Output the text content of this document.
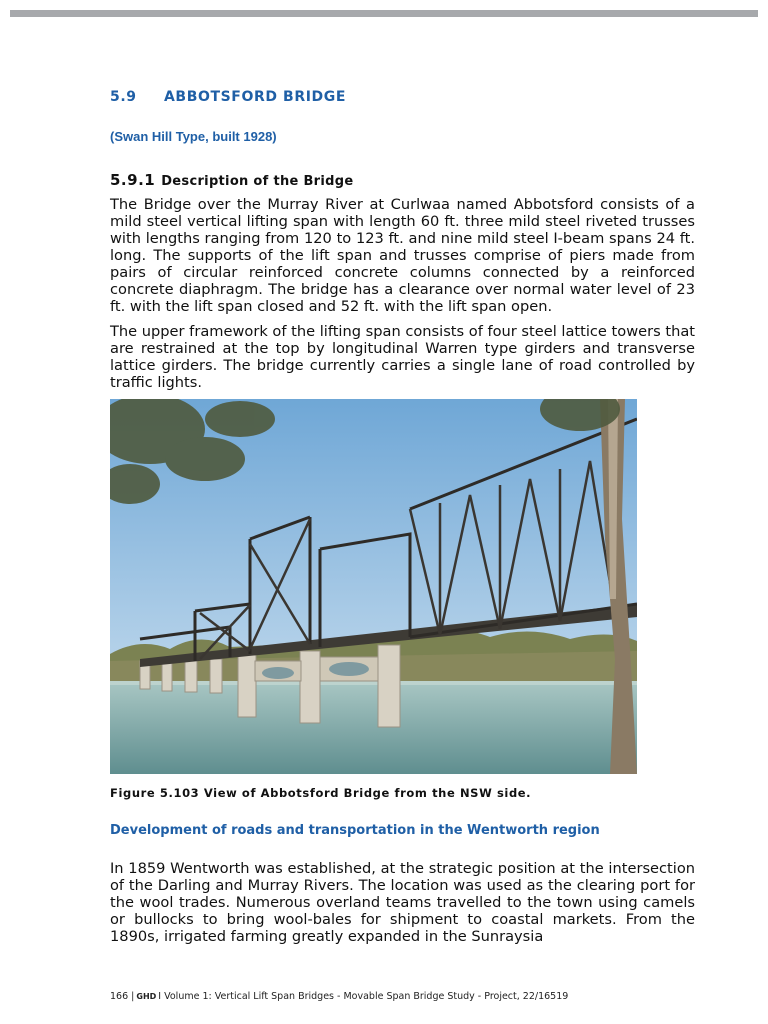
5.9 ABBOTSFORD BRIDGE
(Swan Hill Type, built 1928)
5.9.1 Description of the Bridge

The Bridge over the Murray River at Curlwaa named Abbotsford consists of a mild steel vertical lifting span with length 60 ft. three mild steel riveted trusses with lengths ranging from 120 to 123 ft. and nine mild steel I-beam spans 24 ft. long. The supports of the lift span and trusses comprise of piers made from pairs of circular reinforced concrete columns connected by a reinforced concrete diaphragm. The bridge has a clearance over normal water level of 23 ft. with the lift span closed and 52 ft. with the lift span open.

The upper framework of the lifting span consists of four steel lattice towers that are restrained at the top by longitudinal Warren type girders and transverse lattice girders. The bridge currently carries a single lane of road controlled by traffic lights.

Figure 5.103 View of Abbotsford Bridge from the NSW side.
Development of roads and transportation in the Wentworth region

In 1859 Wentworth was established, at the strategic position at the intersection of the Darling and Murray Rivers. The location was used as the clearing port for the wool trades. Numerous overland teams travelled to the town using camels or bullocks to bring wool-bales for shipment to coastal markets. From the 1890s, irrigated farming greatly expanded in the Sunraysia

166 | GHD I Volume 1: Vertical Lift Span Bridges - Movable Span Bridge Study - Project, 22/16519
